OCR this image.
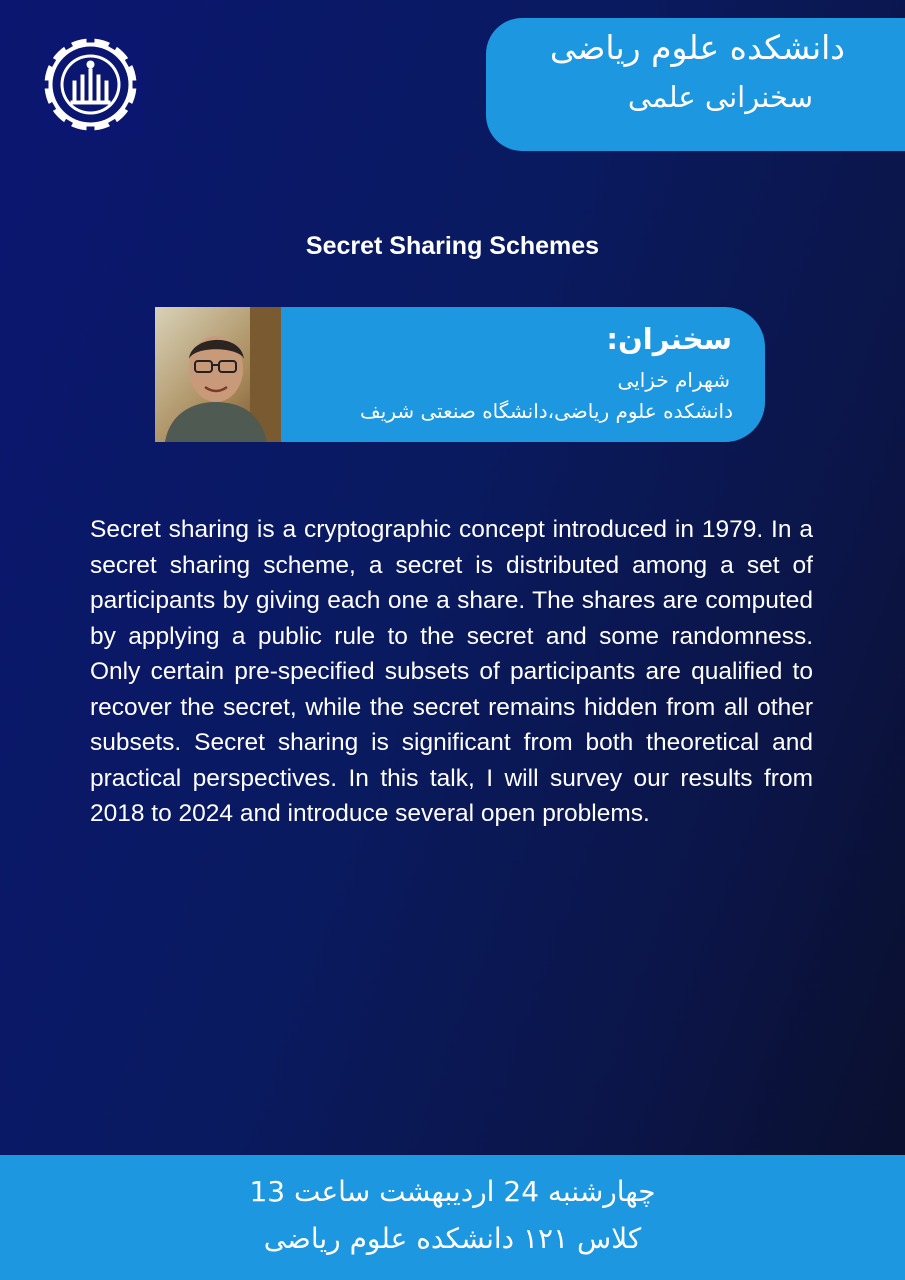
دانشکده علوم ریاضی
سخنرانی علمی
Secret Sharing Schemes
سخنران:
شهرام خزایی
دانشکده علوم ریاضی،دانشگاه صنعتی شریف
Secret sharing is a cryptographic concept introduced in 1979. In a secret sharing scheme, a secret is distributed among a set of participants by giving each one a share. The shares are computed by applying a public rule to the secret and some randomness. Only certain pre-specified subsets of participants are qualified to recover the secret, while the secret remains hidden from all other subsets. Secret sharing is significant from both theoretical and practical perspectives. In this talk, I will survey our results from 2018 to 2024 and introduce several open problems.
چهارشنبه 24 اردیبهشت ساعت 13
کلاس ۱۲۱ دانشکده علوم ریاضی
